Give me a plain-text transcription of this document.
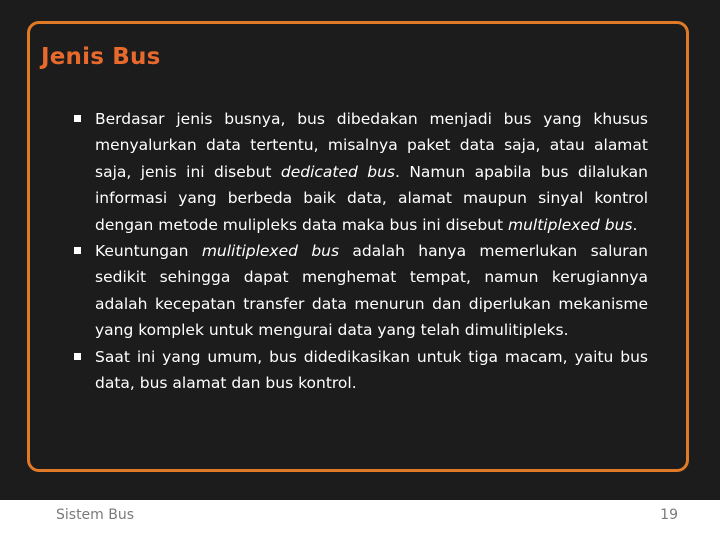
Jenis Bus
Berdasar jenis busnya, bus dibedakan menjadi bus yang khusus menyalurkan data tertentu, misalnya paket data saja, atau alamat saja, jenis ini disebut dedicated bus. Namun apabila bus dilalukan informasi yang berbeda baik data, alamat maupun sinyal kontrol dengan metode mulipleks data maka bus ini disebut multiplexed bus.
Keuntungan mulitiplexed bus adalah hanya memerlukan saluran sedikit sehingga dapat menghemat tempat, namun kerugiannya adalah kecepatan transfer data menurun dan diperlukan mekanisme yang komplek untuk mengurai data yang telah dimulitipleks.
Saat ini yang umum, bus didedikasikan untuk tiga macam, yaitu bus data, bus alamat dan bus kontrol.
Sistem Bus	19
